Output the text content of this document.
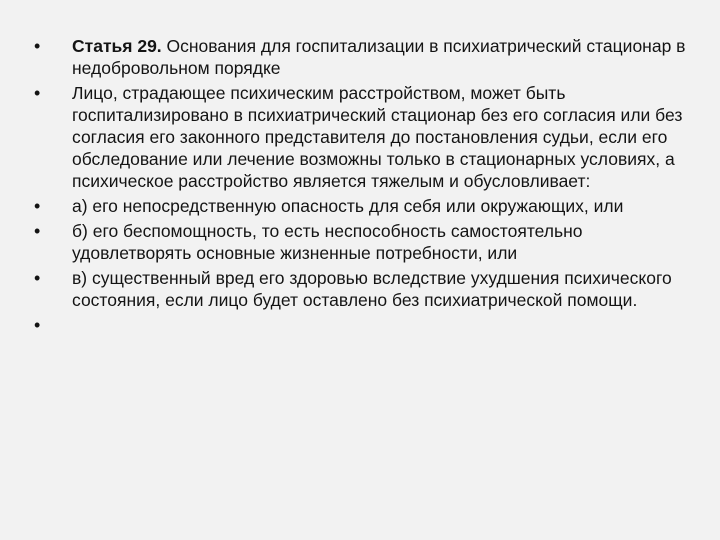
• Статья 29. Основания для госпитализации в психиатрический стационар в недобровольном порядке
• Лицо, страдающее психическим расстройством, может быть госпитализировано в психиатрический стационар без его согласия или без согласия его законного представителя до постановления судьи, если его обследование или лечение возможны только в стационарных условиях, а психическое расстройство является тяжелым и обусловливает:
• а) его непосредственную опасность для себя или окружающих, или
• б) его беспомощность, то есть неспособность самостоятельно удовлетворять основные жизненные потребности, или
• в) существенный вред его здоровью вследствие ухудшения психического состояния, если лицо будет оставлено без психиатрической помощи.
•
